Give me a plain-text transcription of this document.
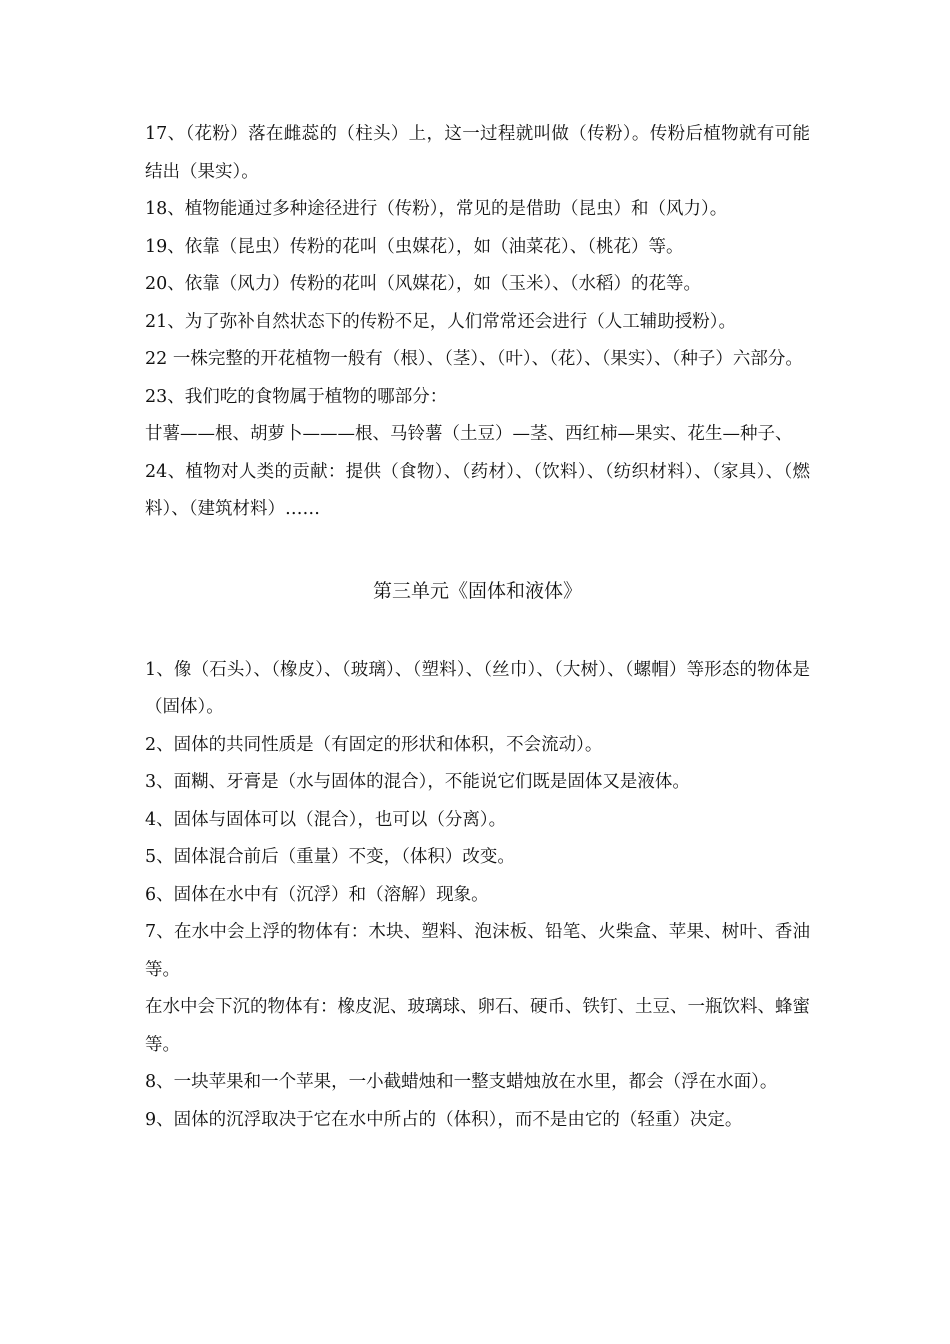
17、（花粉）落在雌蕊的（柱头）上，这一过程就叫做（传粉）。传粉后植物就有可能结出（果实）。

18、植物能通过多种途径进行（传粉），常见的是借助（昆虫）和（风力）。

19、依靠（昆虫）传粉的花叫（虫媒花），如（油菜花）、（桃花）等。

20、依靠（风力）传粉的花叫（风媒花），如（玉米）、（水稻）的花等。

21、为了弥补自然状态下的传粉不足，人们常常还会进行（人工辅助授粉）。

22 一株完整的开花植物一般有（根）、（茎）、（叶）、（花）、（果实）、（种子）六部分。

23、我们吃的食物属于植物的哪部分：

甘薯——根、胡萝卜———根、马铃薯（土豆）—茎、西红柿—果实、花生—种子、

24、植物对人类的贡献：提供（食物）、（药材）、（饮料）、（纺织材料）、（家具）、（燃料）、（建筑材料）……

第三单元《固体和液体》

1、像（石头）、（橡皮）、（玻璃）、（塑料）、（丝巾）、（大树）、（螺帽）等形态的物体是（固体）。

2、固体的共同性质是（有固定的形状和体积，不会流动）。

3、面糊、牙膏是（水与固体的混合），不能说它们既是固体又是液体。

4、固体与固体可以（混合），也可以（分离）。

5、固体混合前后（重量）不变，（体积）改变。

6、固体在水中有（沉浮）和（溶解）现象。

7、在水中会上浮的物体有：木块、塑料、泡沫板、铅笔、火柴盒、苹果、树叶、香油等。

在水中会下沉的物体有：橡皮泥、玻璃球、卵石、硬币、铁钉、土豆、一瓶饮料、蜂蜜等。

8、一块苹果和一个苹果，一小截蜡烛和一整支蜡烛放在水里，都会（浮在水面）。

9、固体的沉浮取决于它在水中所占的（体积），而不是由它的（轻重）决定。
